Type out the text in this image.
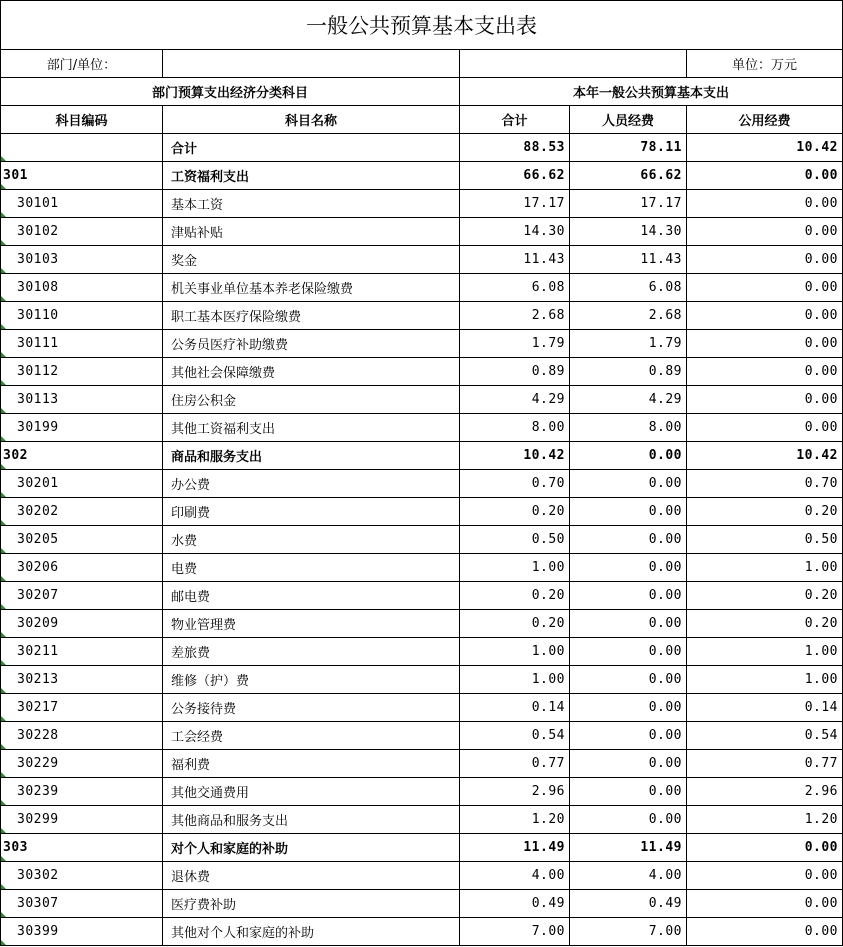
一般公共预算基本支出表				
部门/单位：				单位：万元
部门预算支出经济分类科目		本年一般公共预算基本支出		
科目编码	科目名称	合计	人员经费	公用经费
	合计	88.53	78.11	10.42
301	工资福利支出	66.62	66.62	0.00
30101	基本工资	17.17	17.17	0.00
30102	津贴补贴	14.30	14.30	0.00
30103	奖金	11.43	11.43	0.00
30108	机关事业单位基本养老保险缴费	6.08	6.08	0.00
30110	职工基本医疗保险缴费	2.68	2.68	0.00
30111	公务员医疗补助缴费	1.79	1.79	0.00
30112	其他社会保障缴费	0.89	0.89	0.00
30113	住房公积金	4.29	4.29	0.00
30199	其他工资福利支出	8.00	8.00	0.00
302	商品和服务支出	10.42	0.00	10.42
30201	办公费	0.70	0.00	0.70
30202	印刷费	0.20	0.00	0.20
30205	水费	0.50	0.00	0.50
30206	电费	1.00	0.00	1.00
30207	邮电费	0.20	0.00	0.20
30209	物业管理费	0.20	0.00	0.20
30211	差旅费	1.00	0.00	1.00
30213	维修（护）费	1.00	0.00	1.00
30217	公务接待费	0.14	0.00	0.14
30228	工会经费	0.54	0.00	0.54
30229	福利费	0.77	0.00	0.77
30239	其他交通费用	2.96	0.00	2.96
30299	其他商品和服务支出	1.20	0.00	1.20
303	对个人和家庭的补助	11.49	11.49	0.00
30302	退休费	4.00	4.00	0.00
30307	医疗费补助	0.49	0.49	0.00
30399	其他对个人和家庭的补助	7.00	7.00	0.00
